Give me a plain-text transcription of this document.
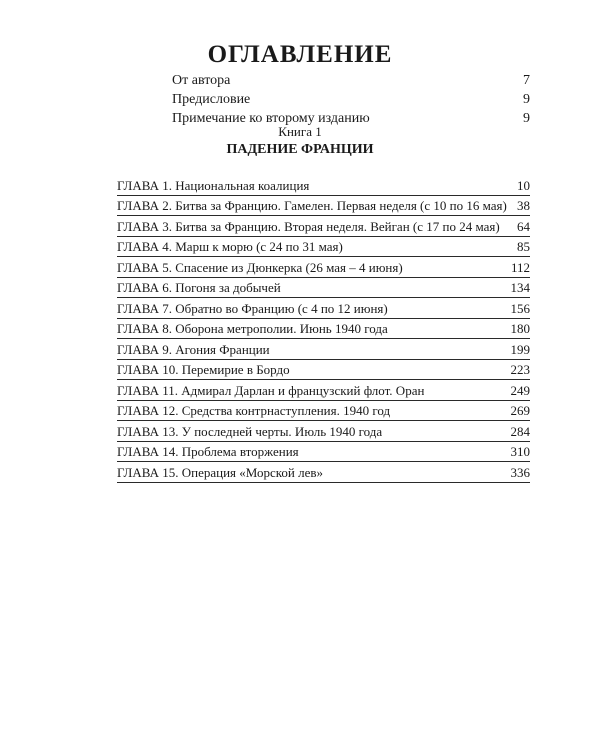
ОГЛАВЛЕНИЕ
От автора	7
Предисловие	9
Примечание ко второму изданию	9
Книга 1
ПАДЕНИЕ ФРАНЦИИ
ГЛАВА 1. Национальная коалиция	10
ГЛАВА 2. Битва за Францию. Гамелен. Первая неделя (с 10 по 16 мая) 38
ГЛАВА 3. Битва за Францию. Вторая неделя. Вейган (с 17 по 24 мая)	64
ГЛАВА 4. Марш к морю (с 24 по 31 мая)	85
ГЛАВА 5. Спасение из Дюнкерка (26 мая – 4 июня)	112
ГЛАВА 6. Погоня за добычей	134
ГЛАВА 7. Обратно во Францию (с 4 по 12 июня)	156
ГЛАВА 8. Оборона метрополии. Июнь 1940 года	180
ГЛАВА 9. Агония Франции	199
ГЛАВА 10. Перемирие в Бордо	223
ГЛАВА 11. Адмирал Дарлан и французский флот. Оран	249
ГЛАВА 12. Средства контрнаступления. 1940 год	269
ГЛАВА 13. У последней черты. Июль 1940 года	284
ГЛАВА 14. Проблема вторжения	310
ГЛАВА 15. Операция «Морской лев»	336
